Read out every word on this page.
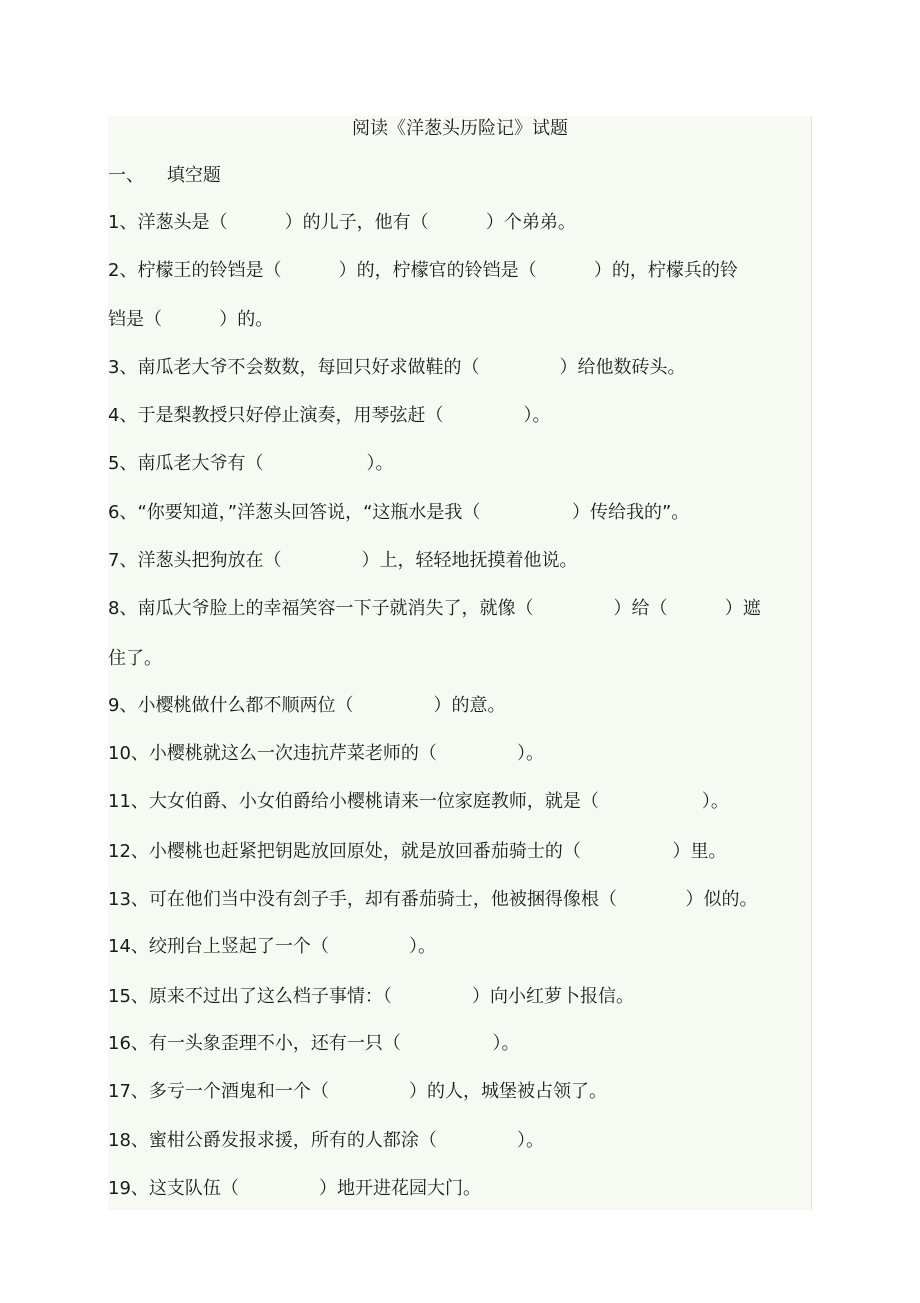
阅读《洋葱头历险记》试题
一、    填空题
1、洋葱头是（          ）的儿子，他有（          ）个弟弟。
2、柠檬王的铃铛是（          ）的，柠檬官的铃铛是（          ）的，柠檬兵的铃
铛是（          ）的。
3、南瓜老大爷不会数数，每回只好求做鞋的（              ）给他数砖头。
4、于是梨教授只好停止演奏，用琴弦赶（              ）。
5、南瓜老大爷有（                  ）。
6、“你要知道，”洋葱头回答说，“这瓶水是我（                ）传给我的”。
7、洋葱头把狗放在（              ）上，轻轻地抚摸着他说。
8、南瓜大爷脸上的幸福笑容一下子就消失了，就像（              ）给（          ）遮
住了。
9、小樱桃做什么都不顺两位（              ）的意。
10、小樱桃就这么一次违抗芹菜老师的（              ）。
11、大女伯爵、小女伯爵给小樱桃请来一位家庭教师，就是（                  ）。
12、小樱桃也赶紧把钥匙放回原处，就是放回番茄骑士的（                ）里。
13、可在他们当中没有刽子手，却有番茄骑士，他被捆得像根（            ）似的。
14、绞刑台上竖起了一个（              ）。
15、原来不过出了这么档子事情：（              ）向小红萝卜报信。
16、有一头象歪理不小，还有一只（                ）。
17、多亏一个酒鬼和一个（              ）的人，城堡被占领了。
18、蜜柑公爵发报求援，所有的人都涂（              ）。
19、这支队伍（              ）地开进花园大门。
